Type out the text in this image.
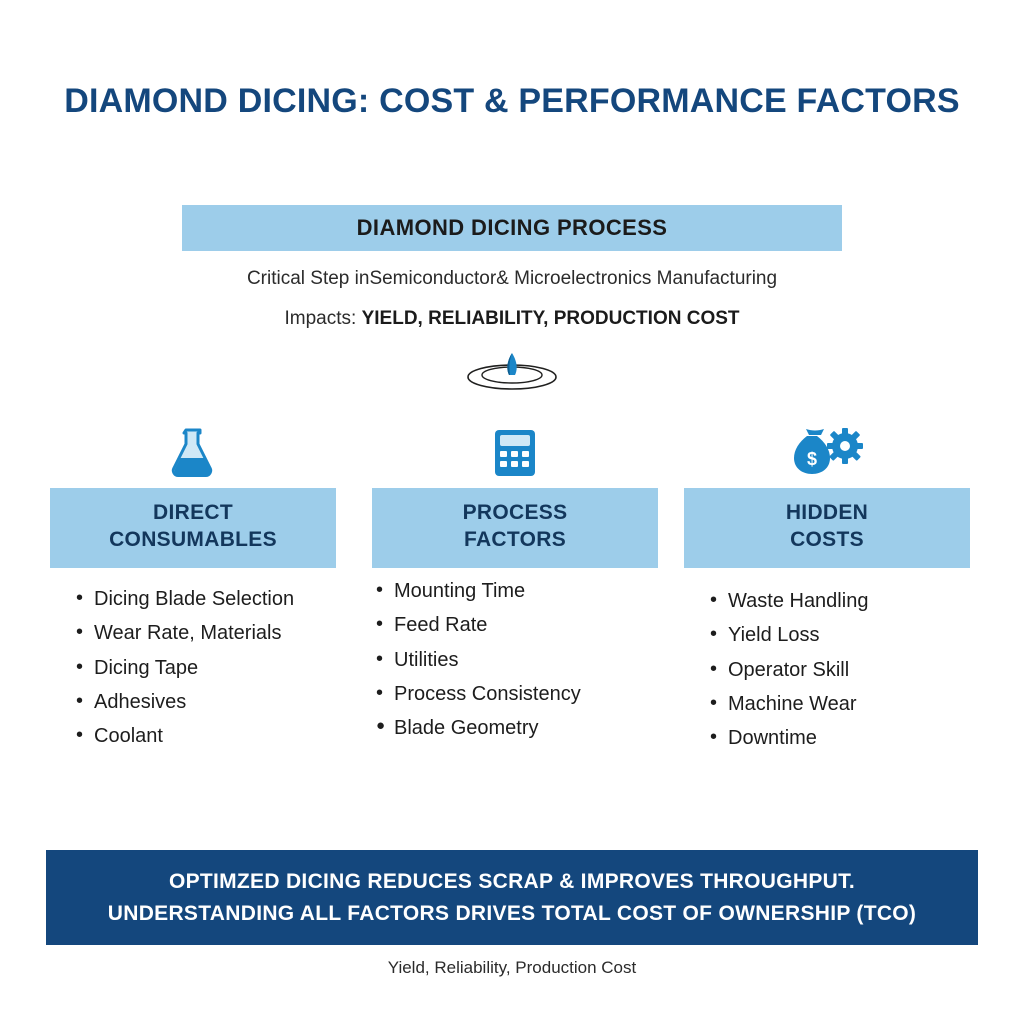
DIAMOND DICING: COST & PERFORMANCE FACTORS
DIAMOND DICING PROCESS
Critical Step inSemiconductor& Microelectronics Manufacturing
Impacts: YIELD, RELIABILITY, PRODUCTION COST
DIRECT
CONSUMABLES
• Dicing Blade Selection
• Wear Rate, Materials
• Dicing Tape
• Adhesives
• Coolant
PROCESS
FACTORS
• Mounting Time
• Feed Rate
• Utilities
• Process Consistency
● Blade Geometry
$
HIDDEN
COSTS
• Waste Handling
• Yield Loss
• Operator Skill
• Machine Wear
• Downtime
OPTIMZED DICING REDUCES SCRAP & IMPROVES THROUGHPUT.
UNDERSTANDING ALL FACTORS DRIVES TOTAL COST OF OWNERSHIP (TCO)
Yield, Reliability, Production Cost
